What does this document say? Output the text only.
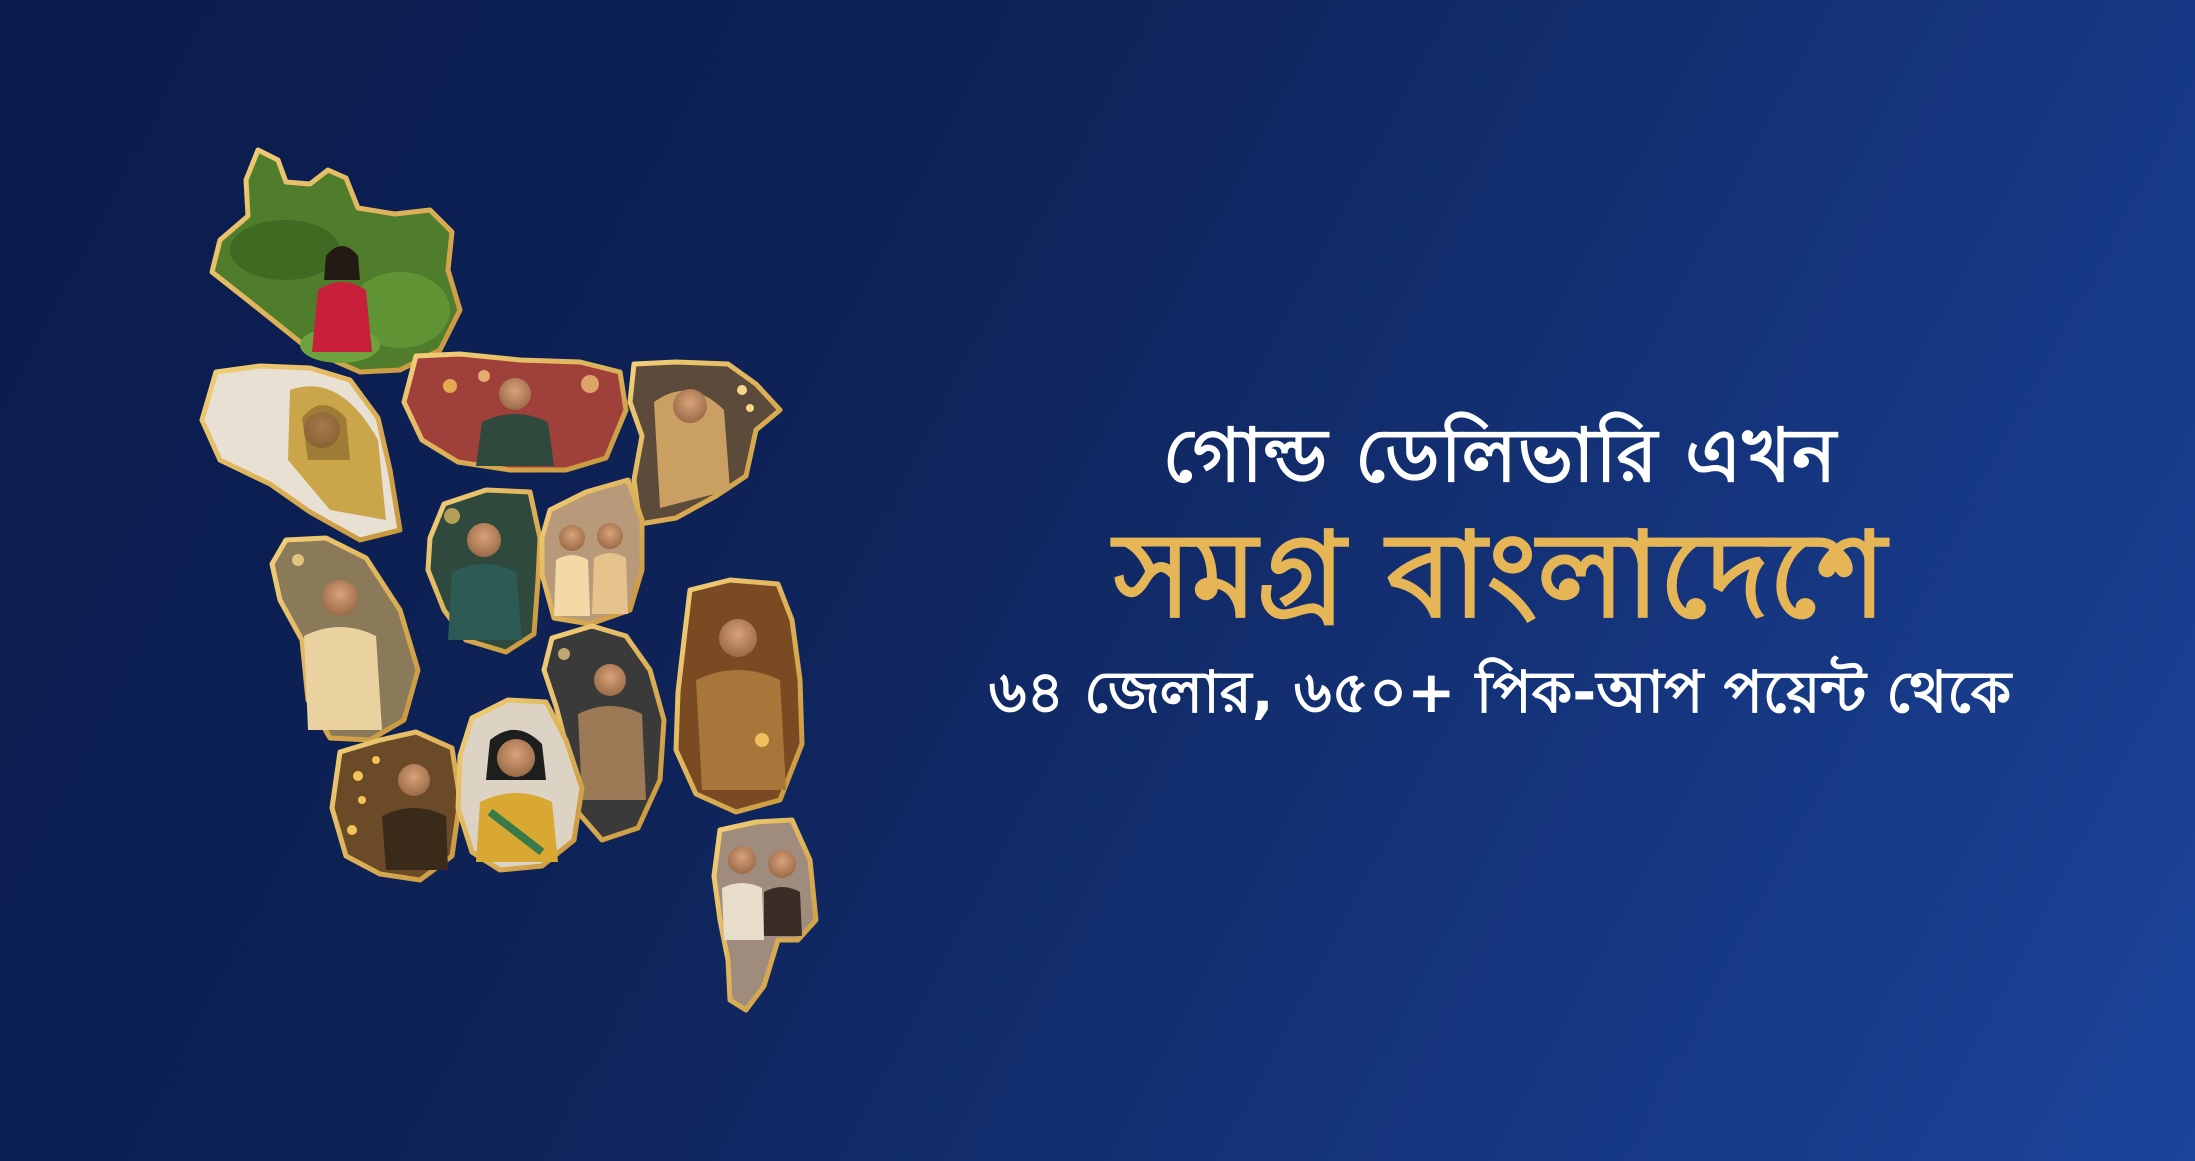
গোল্ড ডেলিভারি এখন
সমগ্র বাংলাদেশে
৬৪ জেলার, ৬৫০+ পিক-আপ পয়েন্ট থেকে
